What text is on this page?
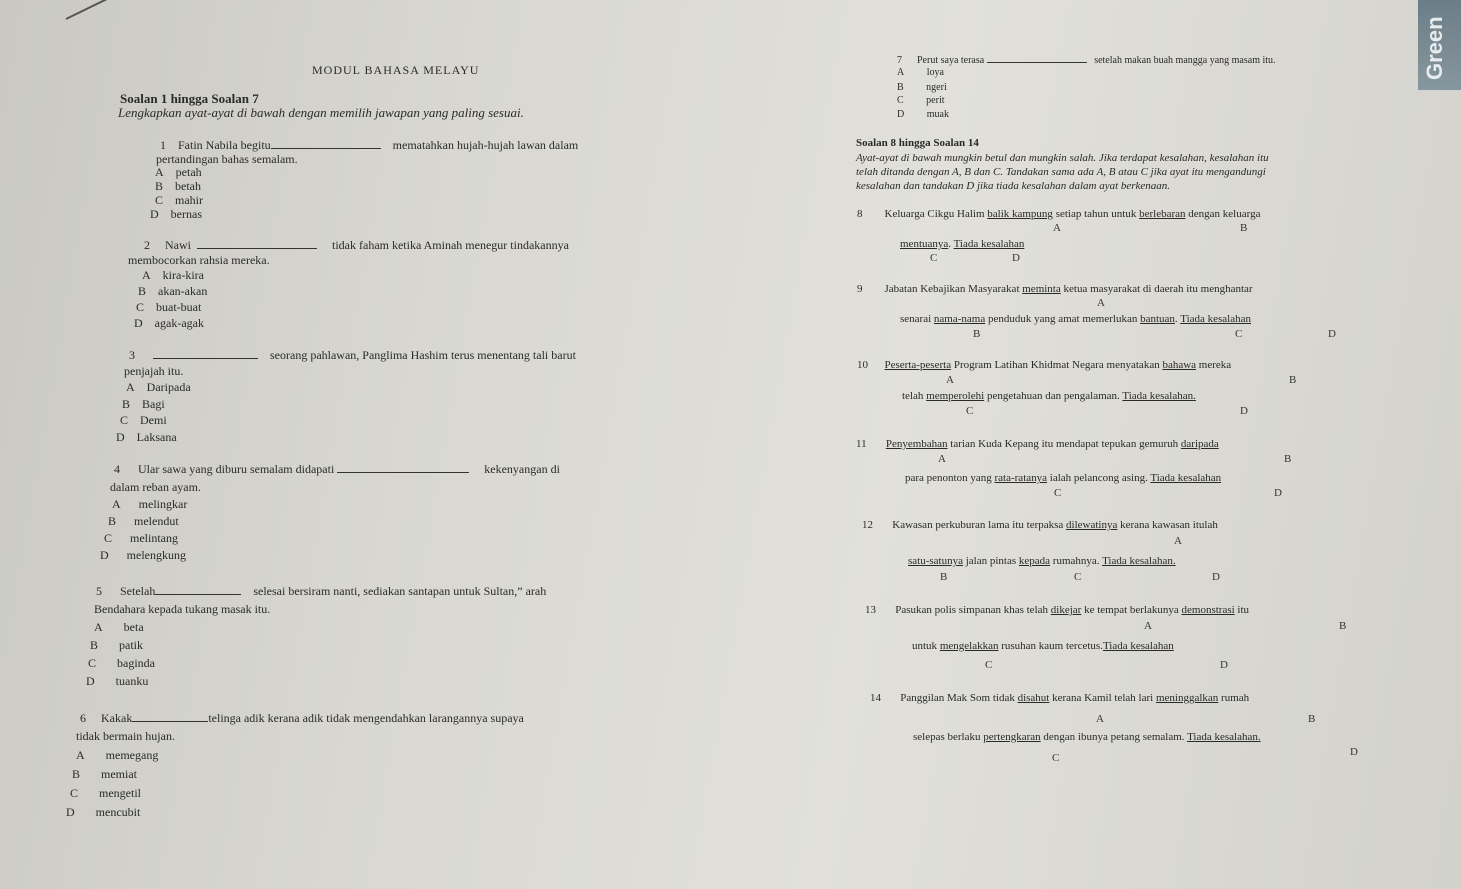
Green
MODUL BAHASA MELAYU
Soalan 1 hingga Soalan 7
Lengkapkan ayat-ayat di bawah dengan memilih jawapan yang paling sesuai.
1 Fatin Nabila begitu	mematahkan hujah-hujah lawan dalam
pertandingan bahas semalam.
A petah
B betah
C mahir
D bernas
2 Nawi	tidak faham ketika Aminah menegur tindakannya
membocorkan rahsia mereka.
A kira-kira
B akan-akan
C buat-buat
D agak-agak
3	seorang pahlawan, Panglima Hashim terus menentang tali barut
penjajah itu.
A Daripada
B Bagi
C Demi
D Laksana
4 Ular sawa yang diburu semalam didapati	kekenyangan di
dalam reban ayam.
A melingkar
B melendut
C melintang
D melengkung
5 Setelah	selesai bersiram nanti, sediakan santapan untuk Sultan,” arah
Bendahara kepada tukang masak itu.
A beta
B patik
C baginda
D tuanku
6 Kakak	telinga adik kerana adik tidak mengendahkan larangannya supaya
tidak bermain hujan.
A memegang
B memiat
C mengetil
D mencubit
7 Perut saya terasa	setelah makan buah mangga yang masam itu.
A loya
B ngeri
C perit
D muak
Soalan 8 hingga Soalan 14
Ayat-ayat di bawah mungkin betul dan mungkin salah. Jika terdapat kesalahan, kesalahan itu
telah ditanda dengan A, B dan C. Tandakan sama ada A, B atau C jika ayat itu mengandungi
kesalahan dan tandakan D jika tiada kesalahan dalam ayat berkenaan.
8 Keluarga Cikgu Halim balik kampung setiap tahun untuk berlebaran dengan keluarga
A	B
mentuanya. Tiada kesalahan
C	D
9 Jabatan Kebajikan Masyarakat meminta ketua masyarakat di daerah itu menghantar
A
senarai nama-nama penduduk yang amat memerlukan bantuan. Tiada kesalahan
B	C	D
10 Peserta-peserta Program Latihan Khidmat Negara menyatakan bahawa mereka
A	B
telah memperolehi pengetahuan dan pengalaman. Tiada kesalahan.
C	D
11 Penyembahan tarian Kuda Kepang itu mendapat tepukan gemuruh daripada
A	B
para penonton yang rata-ratanya ialah pelancong asing. Tiada kesalahan
C	D
12 Kawasan perkuburan lama itu terpaksa dilewatinya kerana kawasan itulah
A
satu-satunya jalan pintas kepada rumahnya. Tiada kesalahan.
B	C	D
13 Pasukan polis simpanan khas telah dikejar ke tempat berlakunya demonstrasi itu
A	B
untuk mengelakkan rusuhan kaum tercetus.Tiada kesalahan
C	D
14 Panggilan Mak Som tidak disahut kerana Kamil telah lari meninggalkan rumah
A	B
selepas berlaku pertengkaran dengan ibunya petang semalam. Tiada kesalahan.
C	D
